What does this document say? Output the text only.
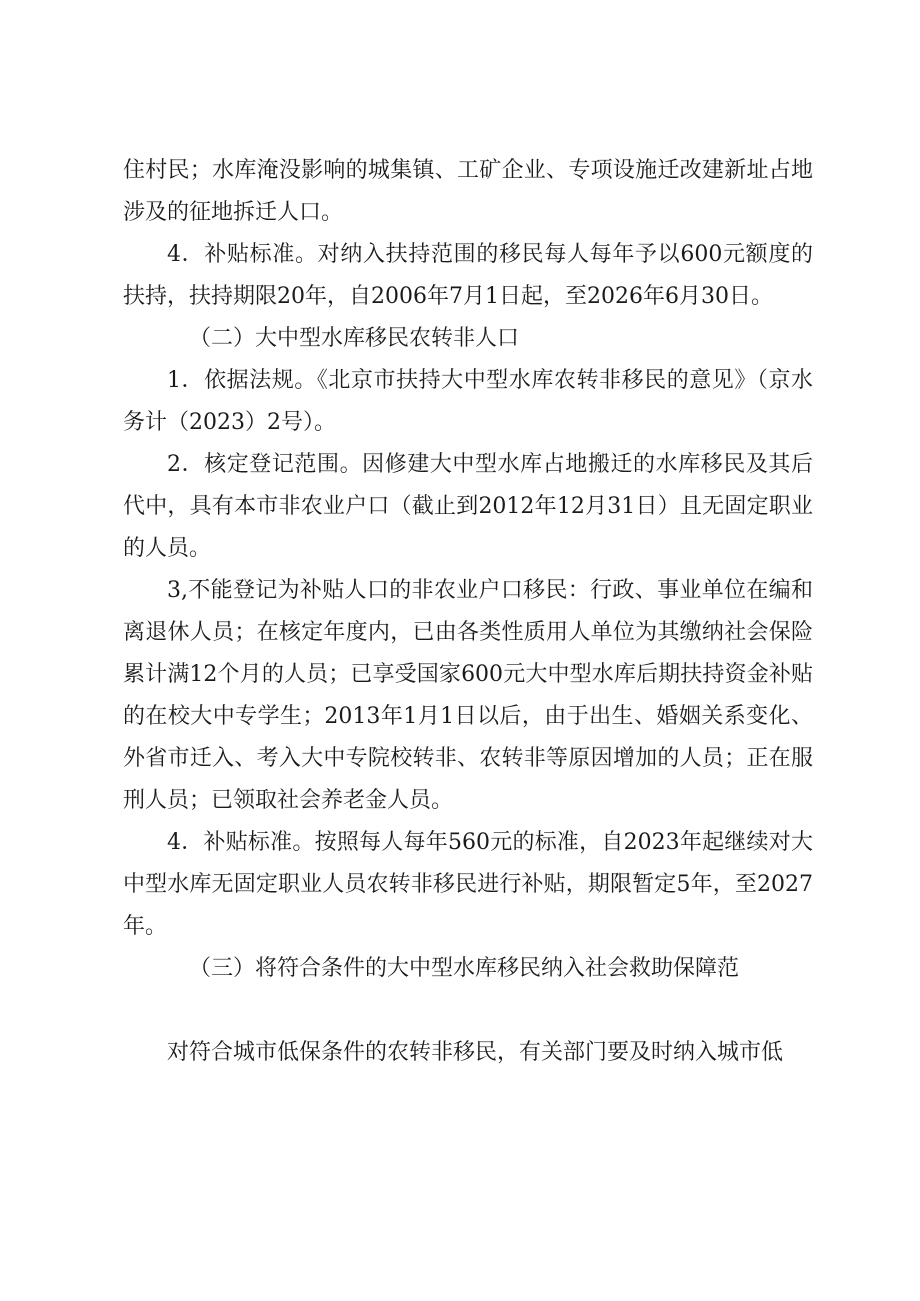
住村民；水库淹没影响的城集镇、工矿企业、专项设施迁改建新址占地涉及的征地拆迁人口。

4．补贴标准。对纳入扶持范围的移民每人每年予以600元额度的扶持，扶持期限20年，自2006年7月1日起，至2026年6月30日。

（二）大中型水库移民农转非人口

1．依据法规。《北京市扶持大中型水库农转非移民的意见》（京水务计（2023）2号）。

2．核定登记范围。因修建大中型水库占地搬迁的水库移民及其后代中，具有本市非农业户口（截止到2012年12月31日）且无固定职业的人员。

3,不能登记为补贴人口的非农业户口移民：行政、事业单位在编和离退休人员；在核定年度内，已由各类性质用人单位为其缴纳社会保险累计满12个月的人员；已享受国家600元大中型水库后期扶持资金补贴的在校大中专学生；2013年1月1日以后，由于出生、婚姻关系变化、外省市迁入、考入大中专院校转非、农转非等原因增加的人员；正在服刑人员；已领取社会养老金人员。

4．补贴标准。按照每人每年560元的标准，自2023年起继续对大中型水库无固定职业人员农转非移民进行补贴，期限暂定5年，至2027年。

（三）将符合条件的大中型水库移民纳入社会救助保障范

对符合城市低保条件的农转非移民，有关部门要及时纳入城市低
